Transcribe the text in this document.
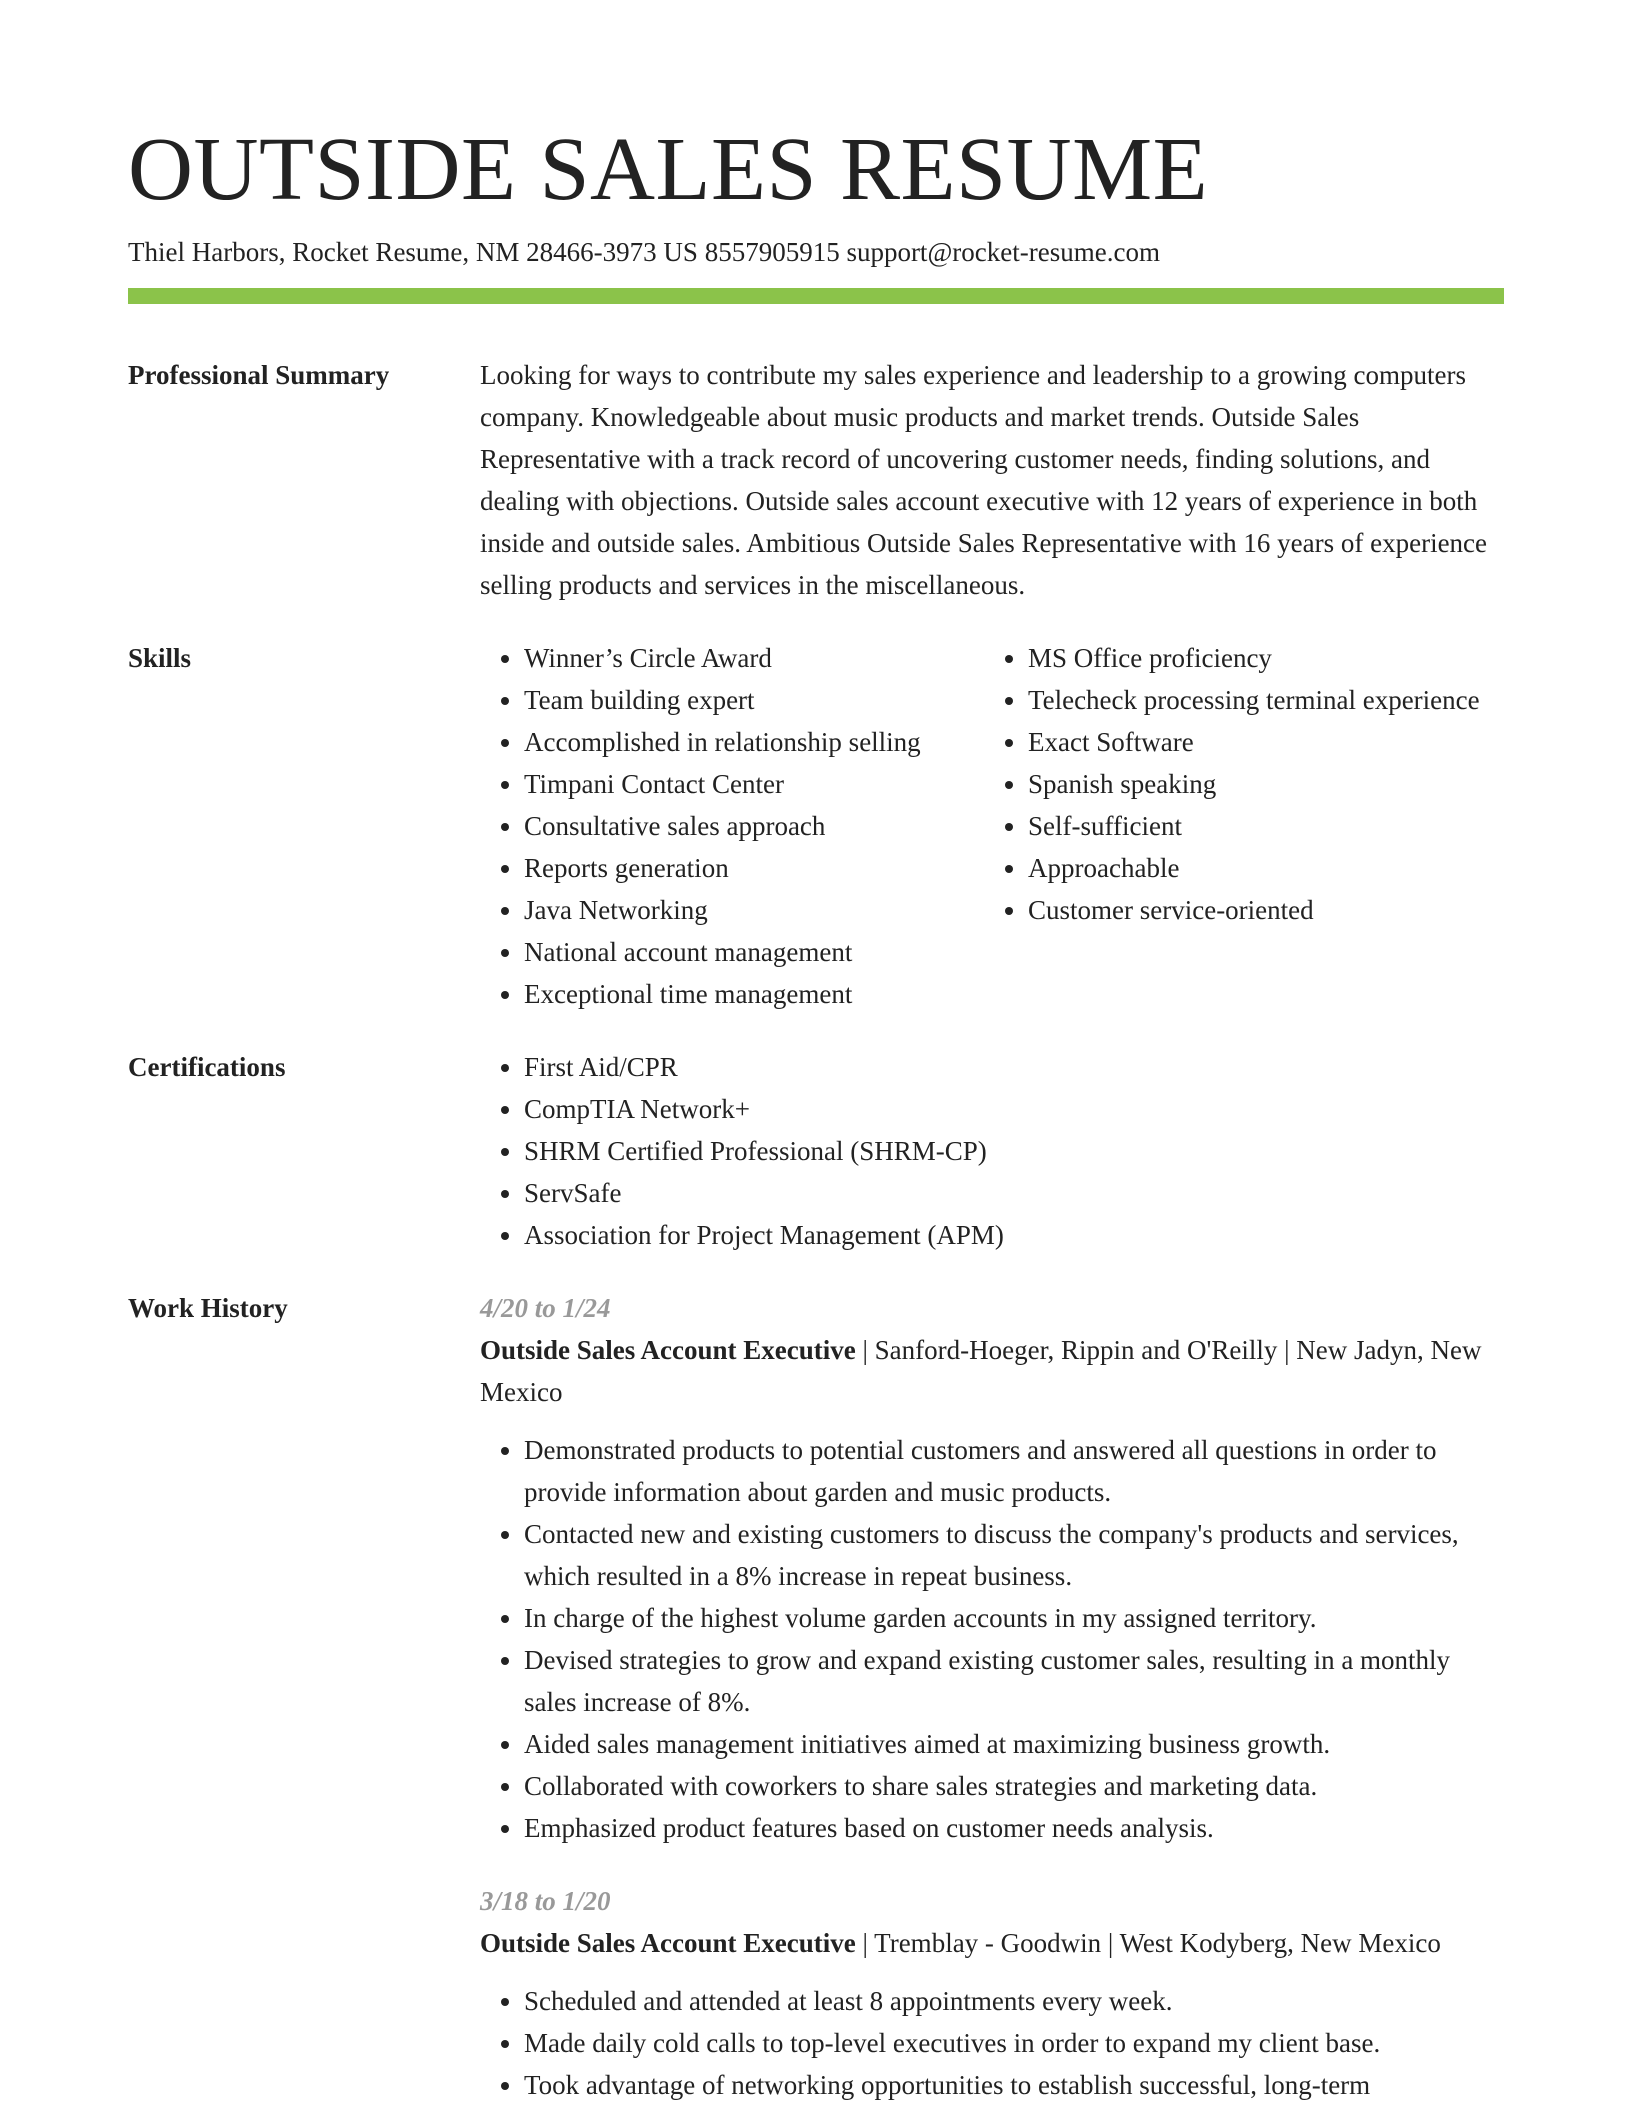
OUTSIDE SALES RESUME
Thiel Harbors, Rocket Resume, NM 28466-3973 US 8557905915 support@rocket-resume.com
Professional Summary	Looking for ways to contribute my sales experience and leadership to a growing computers company. Knowledgeable about music products and market trends. Outside Sales Representative with a track record of uncovering customer needs, finding solutions, and dealing with objections. Outside sales account executive with 12 years of experience in both inside and outside sales. Ambitious Outside Sales Representative with 16 years of experience selling products and services in the miscellaneous.

Skills	• Winner’s Circle Award
• Team building expert
• Accomplished in relationship selling
• Timpani Contact Center
• Consultative sales approach
• Reports generation
• Java Networking
• National account management
• Exceptional time management
• MS Office proficiency
• Telecheck processing terminal experience
• Exact Software
• Spanish speaking
• Self-sufficient
• Approachable
• Customer service-oriented
Certifications	• First Aid/CPR
• CompTIA Network+
• SHRM Certified Professional (SHRM-CP)
• ServSafe
• Association for Project Management (APM)
Work History	4/20 to 1/24
Outside Sales Account Executive | Sanford-Hoeger, Rippin and O'Reilly | New Jadyn, New Mexico
• Demonstrated products to potential customers and answered all questions in order to provide information about garden and music products.
• Contacted new and existing customers to discuss the company's products and services, which resulted in a 8% increase in repeat business.
• In charge of the highest volume garden accounts in my assigned territory.
• Devised strategies to grow and expand existing customer sales, resulting in a monthly sales increase of 8%.
• Aided sales management initiatives aimed at maximizing business growth.
• Collaborated with coworkers to share sales strategies and marketing data.
• Emphasized product features based on customer needs analysis.
3/18 to 1/20
Outside Sales Account Executive | Tremblay - Goodwin | West Kodyberg, New Mexico
• Scheduled and attended at least 8 appointments every week.
• Made daily cold calls to top-level executives in order to expand my client base.
• Took advantage of networking opportunities to establish successful, long-term
